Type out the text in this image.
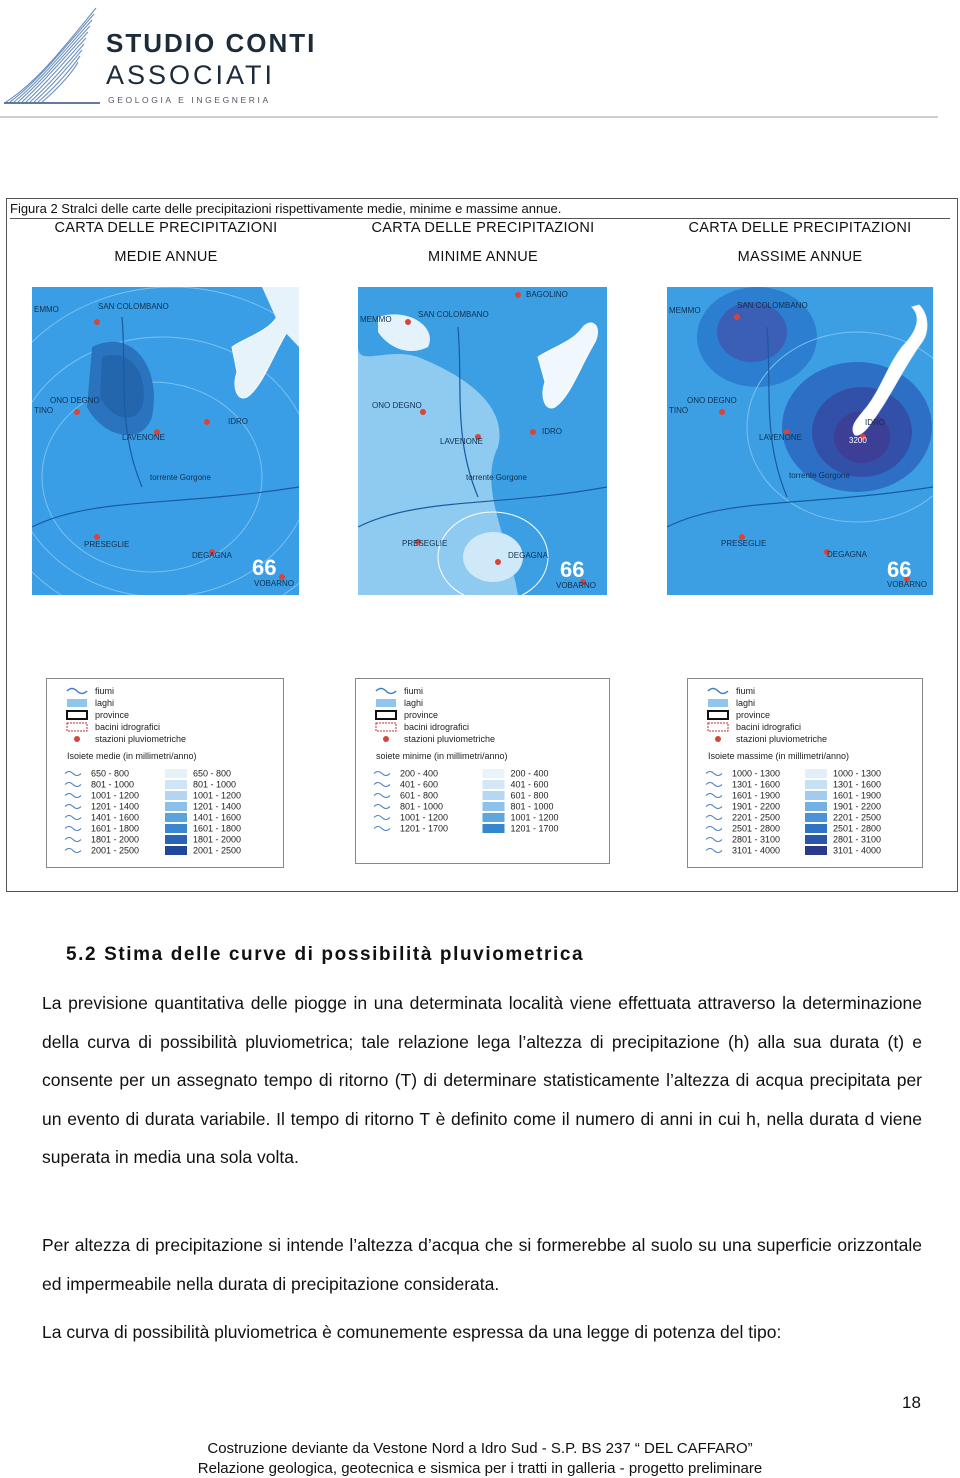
STUDIO CONTI
ASSOCIATI
GEOLOGIA E INGEGNERIA
Figura 2 Stralci delle carte delle precipitazioni rispettivamente medie, minime e massime annue.
CARTA DELLE PRECIPITAZIONI
MEDIE ANNUE
CARTA DELLE PRECIPITAZIONI
MINIME ANNUE
CARTA DELLE PRECIPITAZIONI
MASSIME ANNUE
SAN COLOMBANO
EMMO
ONO DEGNO
TINO
LAVENONE
IDRO
torrente Gorgone
PRESEGLIE
DEGAGNA
VOBARNO
66
BAGOLINO
MEMMO
SAN COLOMBANO
ONO DEGNO
LAVENONE
IDRO
torrente Gorgone
PRESEGLIE
DEGAGNA
VOBARNO
66
SAN COLOMBANO
MEMMO
ONO DEGNO
TINO
LAVENONE
IDRO
torrente Gorgone
PRESEGLIE
DEGAGNA
VOBARNO
3200
66
fiumi
laghi
province
bacini idrografici
stazioni pluviometriche
Isoiete medie (in millimetri/anno)
650 - 800	650 - 800
801 - 1000	801 - 1000
1001 - 1200	1001 - 1200
1201 - 1400	1201 - 1400
1401 - 1600	1401 - 1600
1601 - 1800	1601 - 1800
1801 - 2000	1801 - 2000
2001 - 2500	2001 - 2500
fiumi
laghi
province
bacini idrografici
stazioni pluviometriche
soiete minime (in millimetri/anno)
200 - 400	200 - 400
401 - 600	401 - 600
601 - 800	601 - 800
801 - 1000	801 - 1000
1001 - 1200	1001 - 1200
1201 - 1700	1201 - 1700
fiumi
laghi
province
bacini idrografici
stazioni pluviometriche
Isoiete massime (in millimetri/anno)
1000 - 1300	1000 - 1300
1301 - 1600	1301 - 1600
1601 - 1900	1601 - 1900
1901 - 2200	1901 - 2200
2201 - 2500	2201 - 2500
2501 - 2800	2501 - 2800
2801 - 3100	2801 - 3100
3101 - 4000	3101 - 4000
5.2 Stima delle curve di possibilità pluviometrica
La previsione quantitativa delle piogge in una determinata località viene effettuata attraverso la determinazione della curva di possibilità pluviometrica; tale relazione lega l’altezza di precipitazione (h) alla sua durata (t) e consente per un assegnato tempo di ritorno (T) di determinare statisticamente l’altezza di acqua precipitata per un evento di durata variabile. Il tempo di ritorno T è definito come il numero di anni in cui h, nella durata d viene superata in media una sola volta.
Per altezza di precipitazione si intende l’altezza d’acqua che si formerebbe al suolo su una superficie orizzontale ed impermeabile nella durata di precipitazione considerata.
La curva di possibilità pluviometrica è comunemente espressa da una legge di potenza del tipo:
18
Costruzione deviante da Vestone Nord a Idro Sud - S.P. BS 237 “ DEL CAFFARO”
Relazione geologica, geotecnica e sismica per i tratti in galleria - progetto preliminare
